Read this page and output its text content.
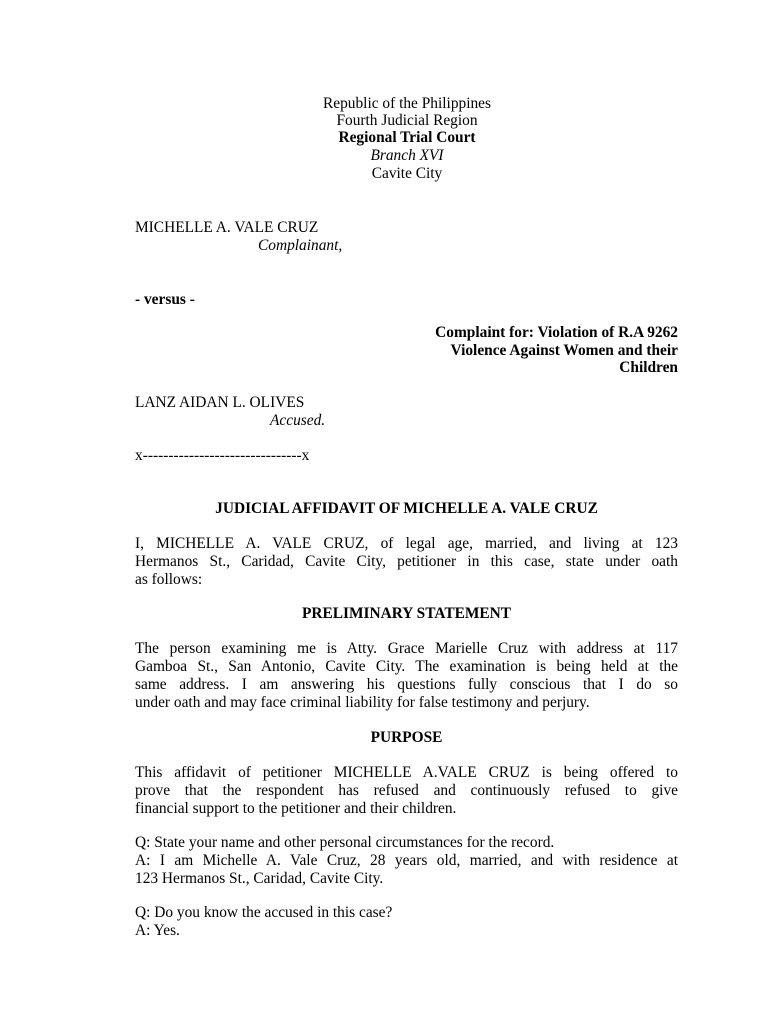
Republic of the Philippines
Fourth Judicial Region
Regional Trial Court
Branch XVI
Cavite City
MICHELLE A. VALE CRUZ
Complainant,
- versus -
Complaint for: Violation of R.A 9262
Violence Against Women and their
Children
LANZ AIDAN L. OLIVES
Accused.
x-------------------------------x
JUDICIAL AFFIDAVIT OF MICHELLE A. VALE CRUZ
I, MICHELLE A. VALE CRUZ, of legal age, married, and living at 123
Hermanos St., Caridad, Cavite City, petitioner in this case, state under oath
as follows:
PRELIMINARY STATEMENT
The person examining me is Atty. Grace Marielle Cruz with address at 117
Gamboa St., San Antonio, Cavite City. The examination is being held at the
same address. I am answering his questions fully conscious that I do so
under oath and may face criminal liability for false testimony and perjury.
PURPOSE
This affidavit of petitioner MICHELLE A.VALE CRUZ is being offered to
prove that the respondent has refused and continuously refused to give
financial support to the petitioner and their children.
Q: State your name and other personal circumstances for the record.
A: I am Michelle A. Vale Cruz, 28 years old, married, and with residence at
123 Hermanos St., Caridad, Cavite City.
Q: Do you know the accused in this case?
A: Yes.
